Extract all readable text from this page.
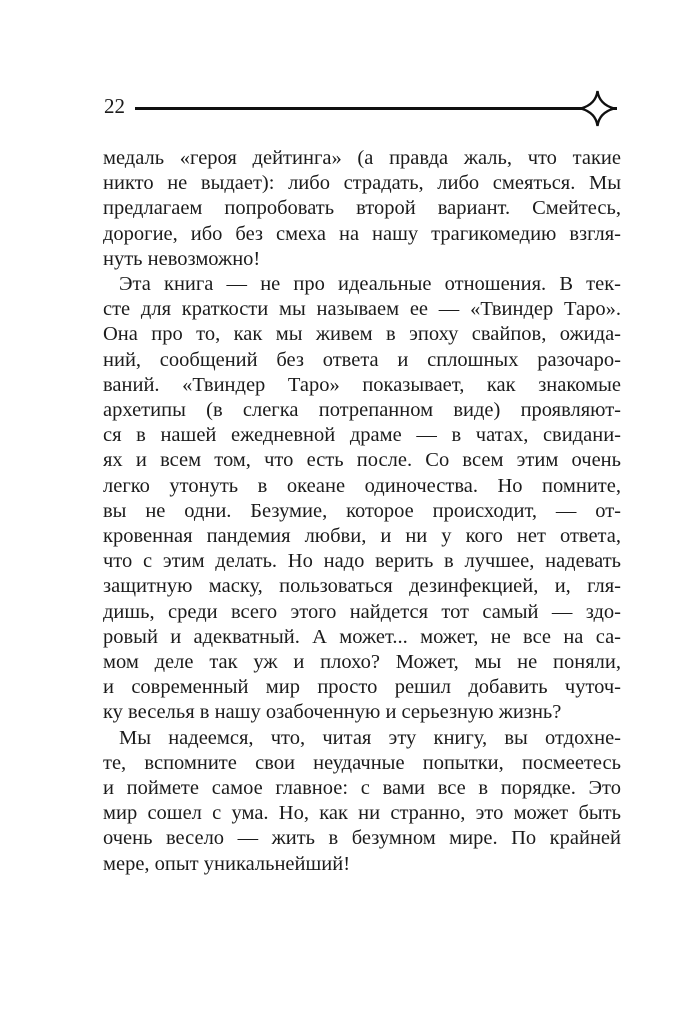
22
медаль «героя дейтинга» (а правда жаль, что такие
никто не выдает): либо страдать, либо смеяться. Мы
предлагаем попробовать второй вариант. Смейтесь,
дорогие, ибо без смеха на нашу трагикомедию взгля-
нуть невозможно!
Эта книга — не про идеальные отношения. В тек-
сте для краткости мы называем ее — «Твиндер Таро».
Она про то, как мы живем в эпоху свайпов, ожида-
ний, сообщений без ответа и сплошных разочаро-
ваний. «Твиндер Таро» показывает, как знакомые
архетипы (в слегка потрепанном виде) проявляют-
ся в нашей ежедневной драме — в чатах, свидани-
ях и всем том, что есть после. Со всем этим очень
легко утонуть в океане одиночества. Но помните,
вы не одни. Безумие, которое происходит, — от-
кровенная пандемия любви, и ни у кого нет ответа,
что с этим делать. Но надо верить в лучшее, надевать
защитную маску, пользоваться дезинфекцией, и, гля-
дишь, среди всего этого найдется тот самый — здо-
ровый и адекватный. А может... может, не все на са-
мом деле так уж и плохо? Может, мы не поняли,
и современный мир просто решил добавить чуточ-
ку веселья в нашу озабоченную и серьезную жизнь?
Мы надеемся, что, читая эту книгу, вы отдохне-
те, вспомните свои неудачные попытки, посмеетесь
и поймете самое главное: с вами все в порядке. Это
мир сошел с ума. Но, как ни странно, это может быть
очень весело — жить в безумном мире. По крайней
мере, опыт уникальнейший!
